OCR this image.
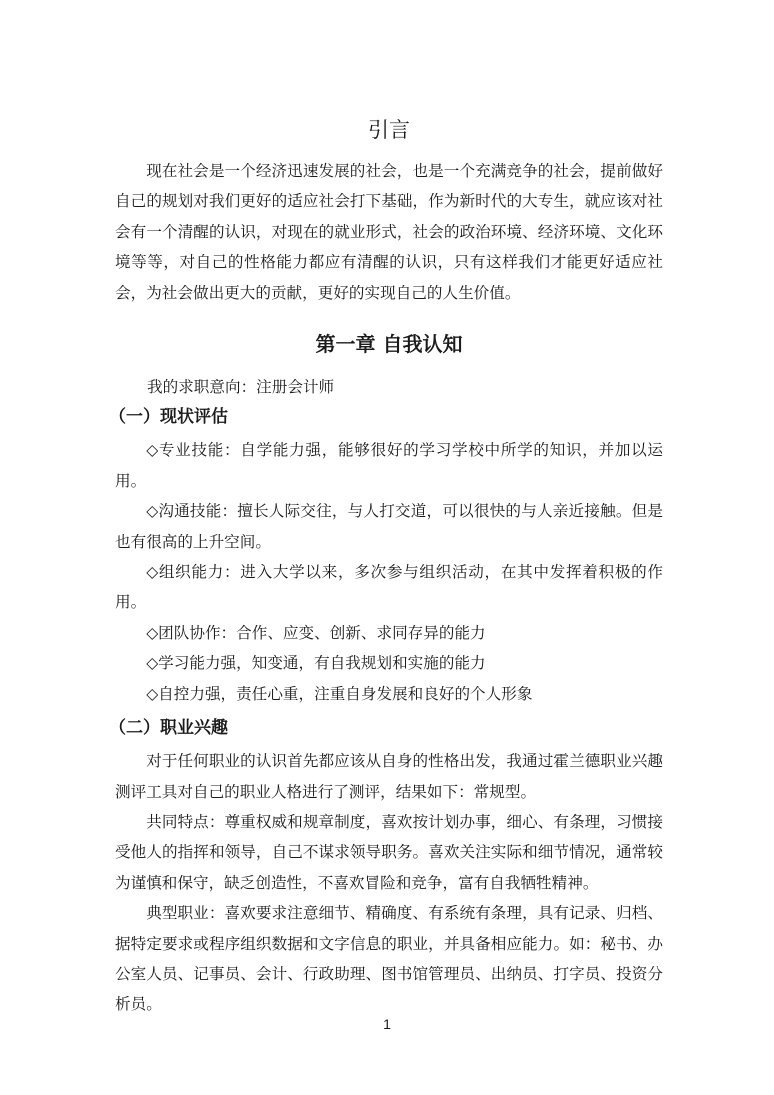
引言

现在社会是一个经济迅速发展的社会，也是一个充满竞争的社会，提前做好自己的规划对我们更好的适应社会打下基础，作为新时代的大专生，就应该对社会有一个清醒的认识，对现在的就业形式，社会的政治环境、经济环境、文化环境等等，对自己的性格能力都应有清醒的认识，只有这样我们才能更好适应社会，为社会做出更大的贡献，更好的实现自己的人生价值。

第一章 自我认知

我的求职意向：注册会计师

（一）现状评估

◇专业技能：自学能力强，能够很好的学习学校中所学的知识，并加以运用。

◇沟通技能：擅长人际交往，与人打交道，可以很快的与人亲近接触。但是也有很高的上升空间。

◇组织能力：进入大学以来，多次参与组织活动，在其中发挥着积极的作用。

◇团队协作：合作、应变、创新、求同存异的能力

◇学习能力强，知变通，有自我规划和实施的能力

◇自控力强，责任心重，注重自身发展和良好的个人形象

（二）职业兴趣

对于任何职业的认识首先都应该从自身的性格出发，我通过霍兰德职业兴趣测评工具对自己的职业人格进行了测评，结果如下：常规型。

共同特点：尊重权威和规章制度，喜欢按计划办事，细心、有条理，习惯接受他人的指挥和领导，自己不谋求领导职务。喜欢关注实际和细节情况，通常较为谨慎和保守，缺乏创造性，不喜欢冒险和竞争，富有自我牺牲精神。

典型职业：喜欢要求注意细节、精确度、有系统有条理，具有记录、归档、据特定要求或程序组织数据和文字信息的职业，并具备相应能力。如：秘书、办公室人员、记事员、会计、行政助理、图书馆管理员、出纳员、打字员、投资分析员。

1
